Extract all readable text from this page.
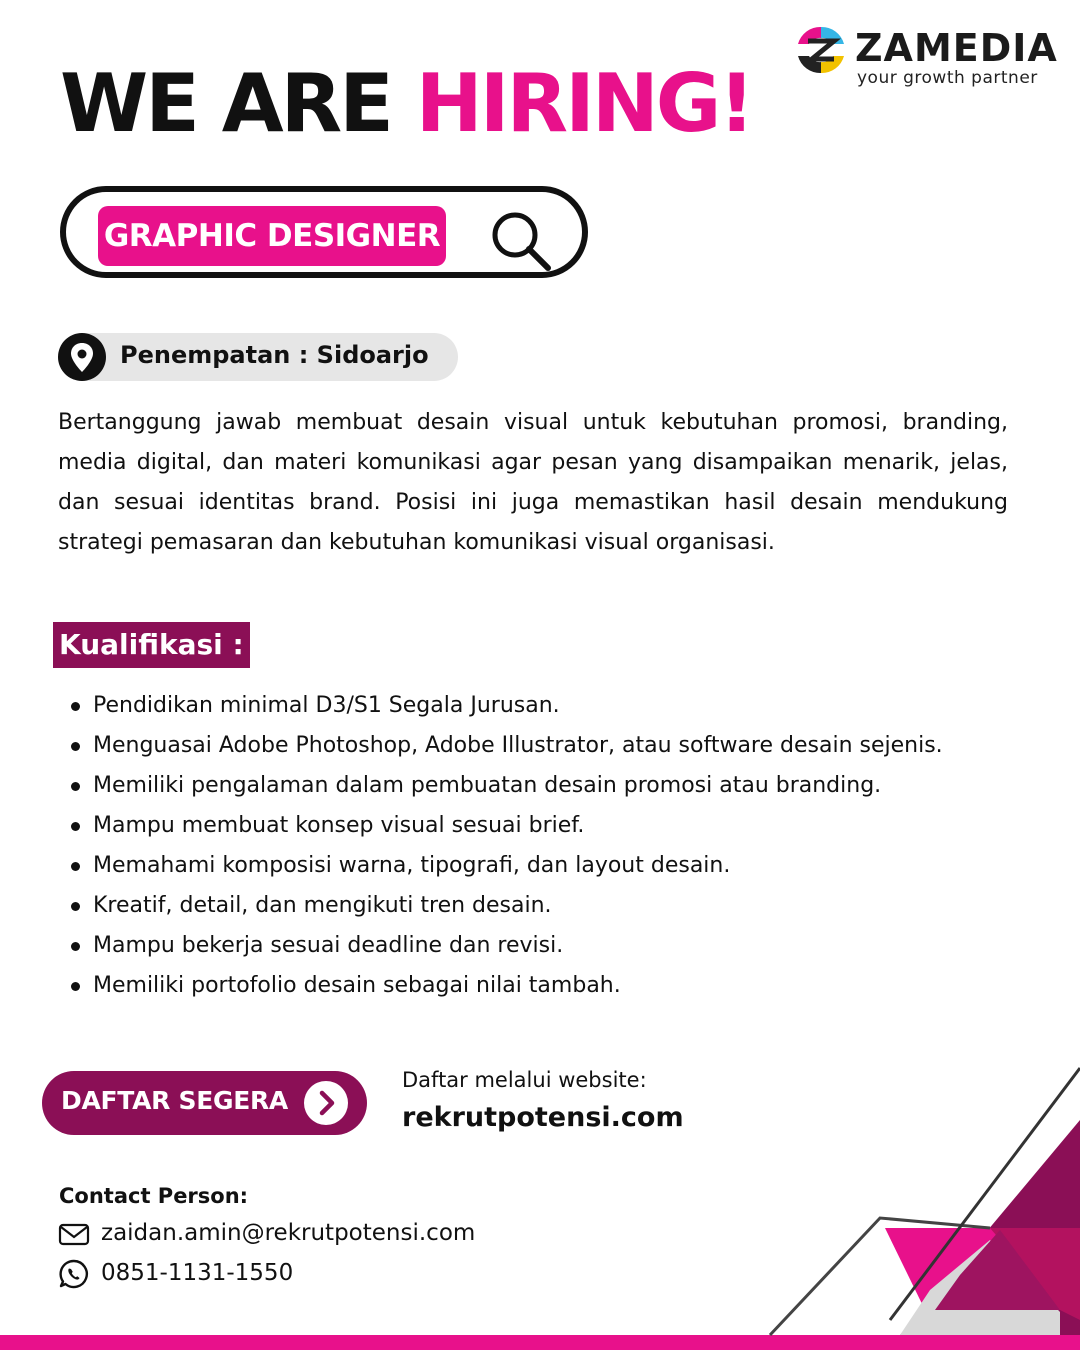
ZAMEDIA
your growth partner
WE ARE HIRING!
GRAPHIC DESIGNER
Penempatan : Sidoarjo
Bertanggung jawab membuat desain visual untuk kebutuhan promosi, branding, media digital, dan materi komunikasi agar pesan yang disampaikan menarik, jelas, dan sesuai identitas brand. Posisi ini juga memastikan hasil desain mendukung strategi pemasaran dan kebutuhan komunikasi visual organisasi.
Kualifikasi :
Pendidikan minimal D3/S1 Segala Jurusan.
Menguasai Adobe Photoshop, Adobe Illustrator, atau software desain sejenis.
Memiliki pengalaman dalam pembuatan desain promosi atau branding.
Mampu membuat konsep visual sesuai brief.
Memahami komposisi warna, tipografi, dan layout desain.
Kreatif, detail, dan mengikuti tren desain.
Mampu bekerja sesuai deadline dan revisi.
Memiliki portofolio desain sebagai nilai tambah.
DAFTAR SEGERA
Daftar melalui website:
rekrutpotensi.com
Contact Person:
zaidan.amin@rekrutpotensi.com
0851-1131-1550
